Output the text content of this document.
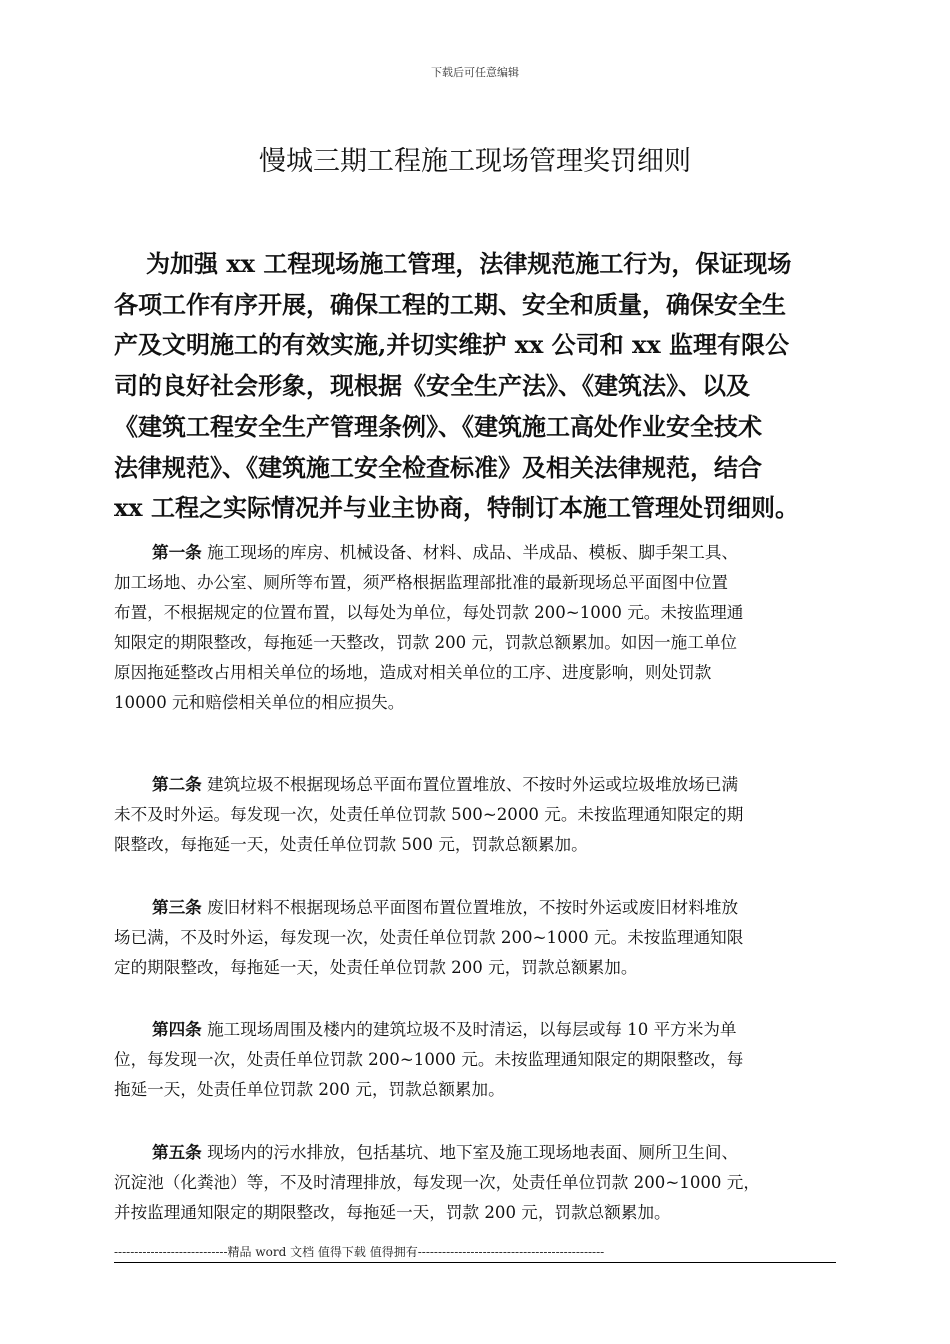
下载后可任意编辑
慢城三期工程施工现场管理奖罚细则
为加强 xx 工程现场施工管理，法律规范施工行为，保证现场
各项工作有序开展，确保工程的工期、安全和质量，确保安全生
产及文明施工的有效实施,并切实维护 xx 公司和 xx 监理有限公
司的良好社会形象，现根据《安全生产法》、《建筑法》、以及
《建筑工程安全生产管理条例》、《建筑施工高处作业安全技术
法律规范》、《建筑施工安全检查标准》及相关法律规范，结合
xx 工程之实际情况并与业主协商，特制订本施工管理处罚细则。
第一条 施工现场的库房、机械设备、材料、成品、半成品、模板、脚手架工具、
加工场地、办公室、厕所等布置，须严格根据监理部批准的最新现场总平面图中位置
布置，不根据规定的位置布置，以每处为单位，每处罚款 200~1000 元。未按监理通
知限定的期限整改，每拖延一天整改，罚款 200 元，罚款总额累加。如因一施工单位
原因拖延整改占用相关单位的场地，造成对相关单位的工序、进度影响，则处罚款
10000 元和赔偿相关单位的相应损失。
第二条 建筑垃圾不根据现场总平面布置位置堆放、不按时外运或垃圾堆放场已满
未不及时外运。每发现一次，处责任单位罚款 500~2000 元。未按监理通知限定的期
限整改，每拖延一天，处责任单位罚款 500 元，罚款总额累加。
第三条 废旧材料不根据现场总平面图布置位置堆放，不按时外运或废旧材料堆放
场已满，不及时外运，每发现一次，处责任单位罚款 200~1000 元。未按监理通知限
定的期限整改，每拖延一天，处责任单位罚款 200 元，罚款总额累加。
第四条 施工现场周围及楼内的建筑垃圾不及时清运，以每层或每 10 平方米为单
位，每发现一次，处责任单位罚款 200~1000 元。未按监理通知限定的期限整改，每
拖延一天，处责任单位罚款 200 元，罚款总额累加。
第五条 现场内的污水排放，包括基坑、地下室及施工现场地表面、厕所卫生间、
沉淀池（化粪池）等，不及时清理排放，每发现一次，处责任单位罚款 200~1000 元，
并按监理通知限定的期限整改，每拖延一天，罚款 200 元，罚款总额累加。
----------------------------精品 word 文档 值得下载 值得拥有----------------------------------------------
